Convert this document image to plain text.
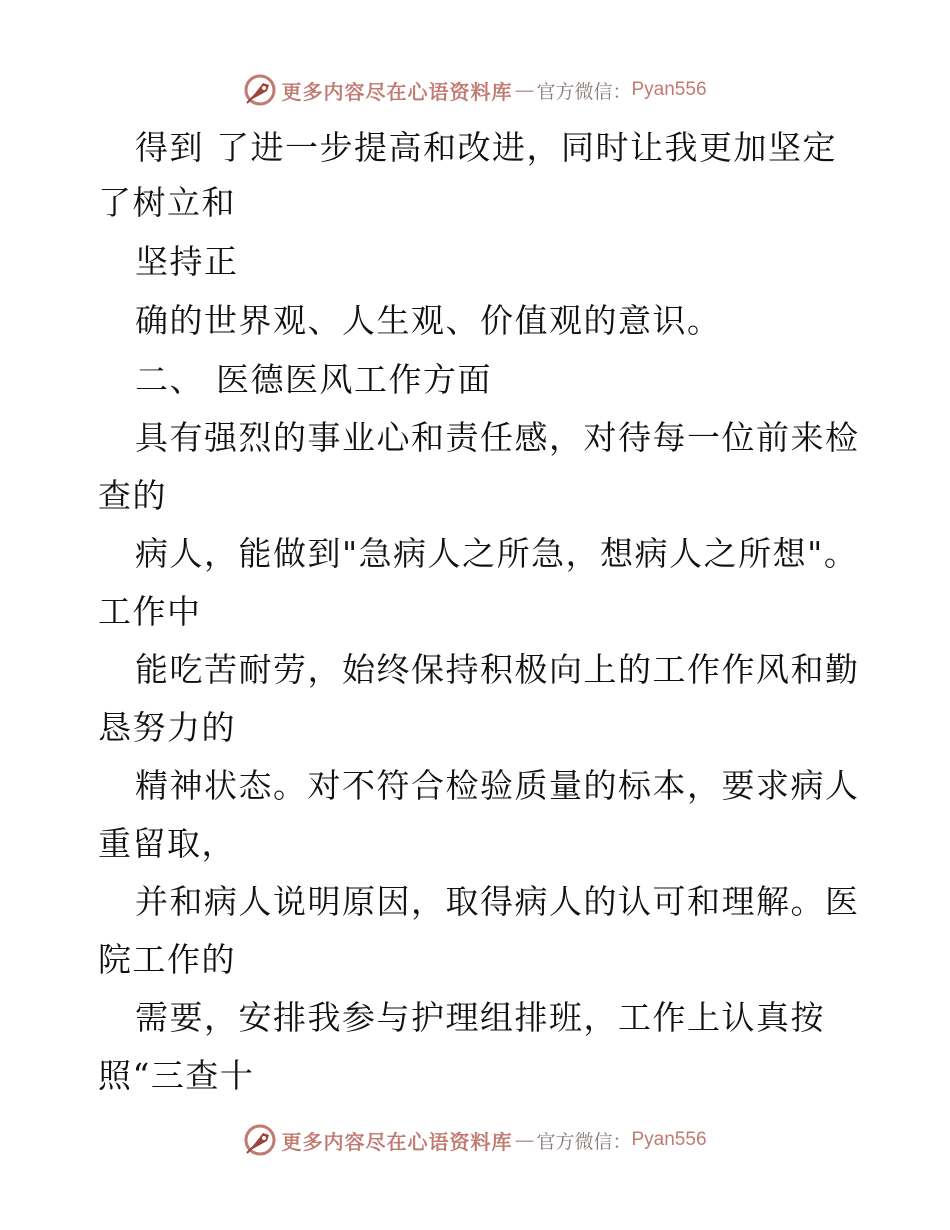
更多内容尽在心语资料库 — 官方微信： Pyan556
得到 了进一步提高和改进，同时让我更加坚定
了树立和
坚持正
确的世界观、人生观、价值观的意识。
二、 医德医风工作方面
具有强烈的事业心和责任感，对待每一位前来检
查的
病人，能做到"急病人之所急，想病人之所想"。
工作中
能吃苦耐劳，始终保持积极向上的工作作风和勤
恳努力的
精神状态。对不符合检验质量的标本，要求病人
重留取，
并和病人说明原因，取得病人的认可和理解。医
院工作的
需要，安排我参与护理组排班，工作上认真按
照“三查十
更多内容尽在心语资料库 — 官方微信： Pyan556
